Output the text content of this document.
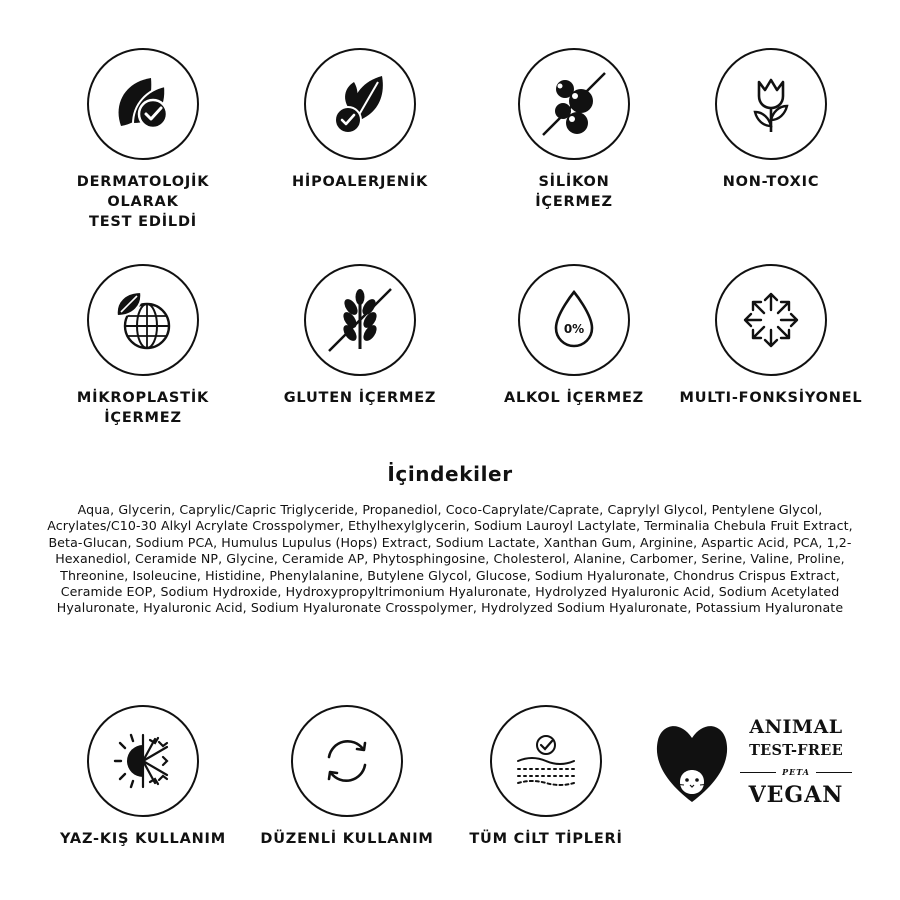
DERMATOLOJİK OLARAK
TEST EDİLDİ
HİPOALERJENİK	SİLİKON
İÇERMEZ
NON-TOXIC
MİKROPLASTİK
İÇERMEZ
GLUTEN İÇERMEZ
0%
ALKOL İÇERMEZ	MULTI-FONKSİYONEL
İçindekiler
Aqua, Glycerin, Caprylic/Capric Triglyceride, Propanediol, Coco-Caprylate/Caprate, Caprylyl Glycol, Pentylene Glycol, Acrylates/C10-30 Alkyl Acrylate Crosspolymer, Ethylhexylglycerin, Sodium Lauroyl Lactylate, Terminalia Chebula Fruit Extract, Beta-Glucan, Sodium PCA, Humulus Lupulus (Hops) Extract, Sodium Lactate, Xanthan Gum, Arginine, Aspartic Acid, PCA, 1,2-Hexanediol, Ceramide NP, Glycine, Ceramide AP, Phytosphingosine, Cholesterol, Alanine, Carbomer, Serine, Valine, Proline, Threonine, Isoleucine, Histidine, Phenylalanine, Butylene Glycol, Glucose, Sodium Hyaluronate, Chondrus Crispus Extract, Ceramide EOP, Sodium Hydroxide, Hydroxypropyltrimonium Hyaluronate, Hydrolyzed Hyaluronic Acid, Sodium Acetylated Hyaluronate, Hyaluronic Acid, Sodium Hyaluronate Crosspolymer, Hydrolyzed Sodium Hyaluronate, Potassium Hyaluronate
YAZ-KIŞ KULLANIM	DÜZENLİ KULLANIM	TÜM CİLT TİPLERİ
ANIMAL
TEST-FREE
PETA
VEGAN
